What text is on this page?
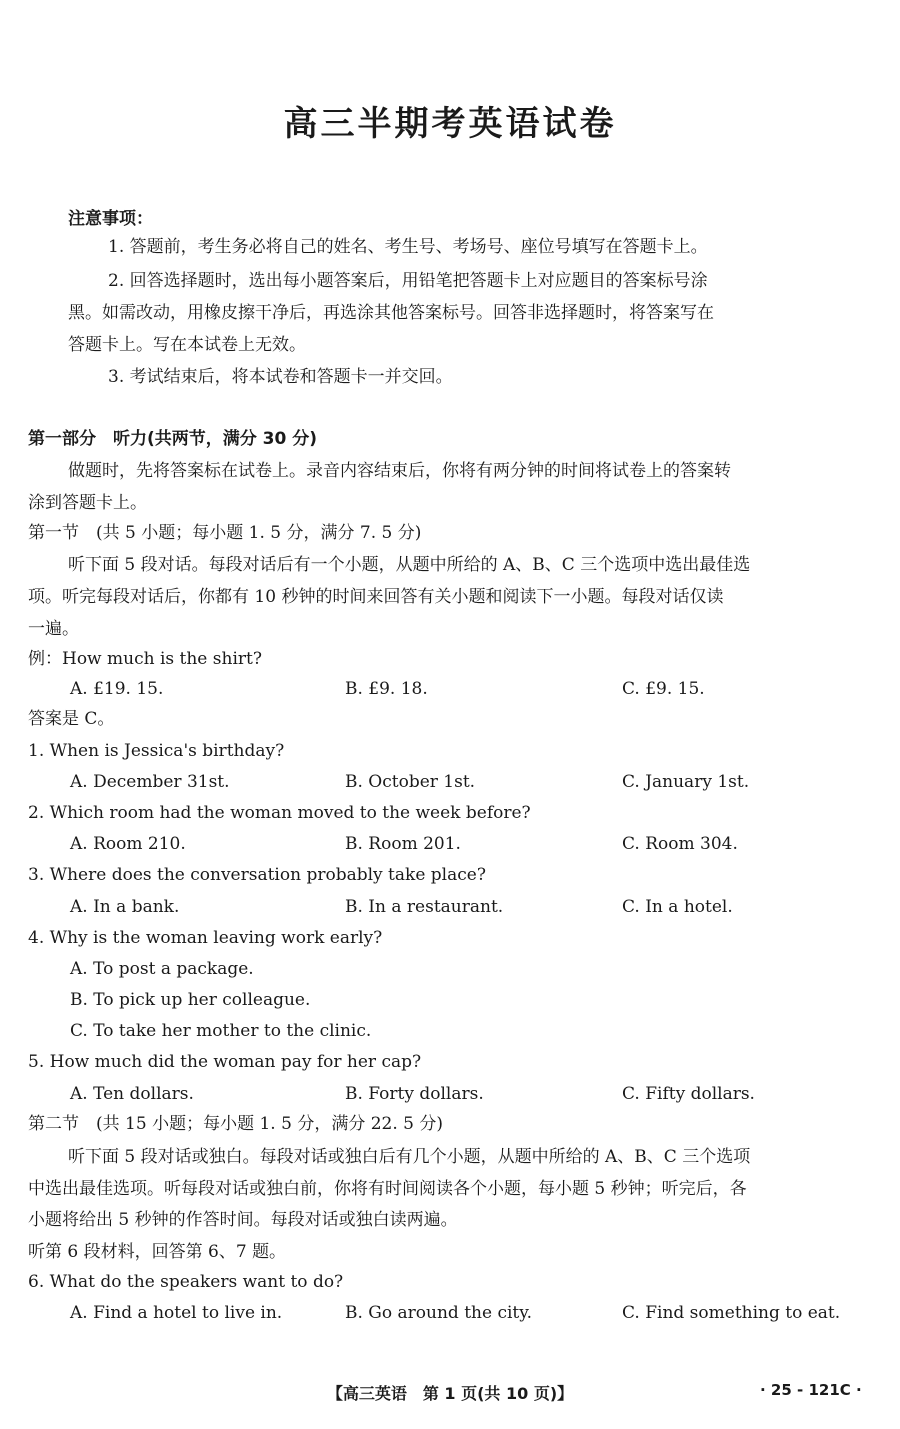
高三半期考英语试卷
注意事项：
1. 答题前，考生务必将自己的姓名、考生号、考场号、座位号填写在答题卡上。
2. 回答选择题时，选出每小题答案后，用铅笔把答题卡上对应题目的答案标号涂
黑。如需改动，用橡皮擦干净后，再选涂其他答案标号。回答非选择题时，将答案写在
答题卡上。写在本试卷上无效。
3. 考试结束后，将本试卷和答题卡一并交回。
第一部分　听力(共两节，满分 30 分)
做题时，先将答案标在试卷上。录音内容结束后，你将有两分钟的时间将试卷上的答案转
涂到答题卡上。
第一节　(共 5 小题；每小题 1. 5 分，满分 7. 5 分)
听下面 5 段对话。每段对话后有一个小题，从题中所给的 A、B、C 三个选项中选出最佳选
项。听完每段对话后，你都有 10 秒钟的时间来回答有关小题和阅读下一小题。每段对话仅读
一遍。
例：How much is the shirt?
A. £19. 15.	B. £9. 18.	C. £9. 15.
答案是 C。
1. When is Jessica's birthday?
A. December 31st.	B. October 1st.	C. January 1st.
2. Which room had the woman moved to the week before?
A. Room 210.	B. Room 201.	C. Room 304.
3. Where does the conversation probably take place?
A. In a bank.	B. In a restaurant.	C. In a hotel.
4. Why is the woman leaving work early?
A. To post a package.
B. To pick up her colleague.
C. To take her mother to the clinic.
5. How much did the woman pay for her cap?
A. Ten dollars.	B. Forty dollars.	C. Fifty dollars.
第二节　(共 15 小题；每小题 1. 5 分，满分 22. 5 分)
听下面 5 段对话或独白。每段对话或独白后有几个小题，从题中所给的 A、B、C 三个选项
中选出最佳选项。听每段对话或独白前，你将有时间阅读各个小题，每小题 5 秒钟；听完后，各
小题将给出 5 秒钟的作答时间。每段对话或独白读两遍。
听第 6 段材料，回答第 6、7 题。
6. What do the speakers want to do?
A. Find a hotel to live in.	B. Go around the city.	C. Find something to eat.
【高三英语　第 1 页(共 10 页)】	· 25 - 121C ·
